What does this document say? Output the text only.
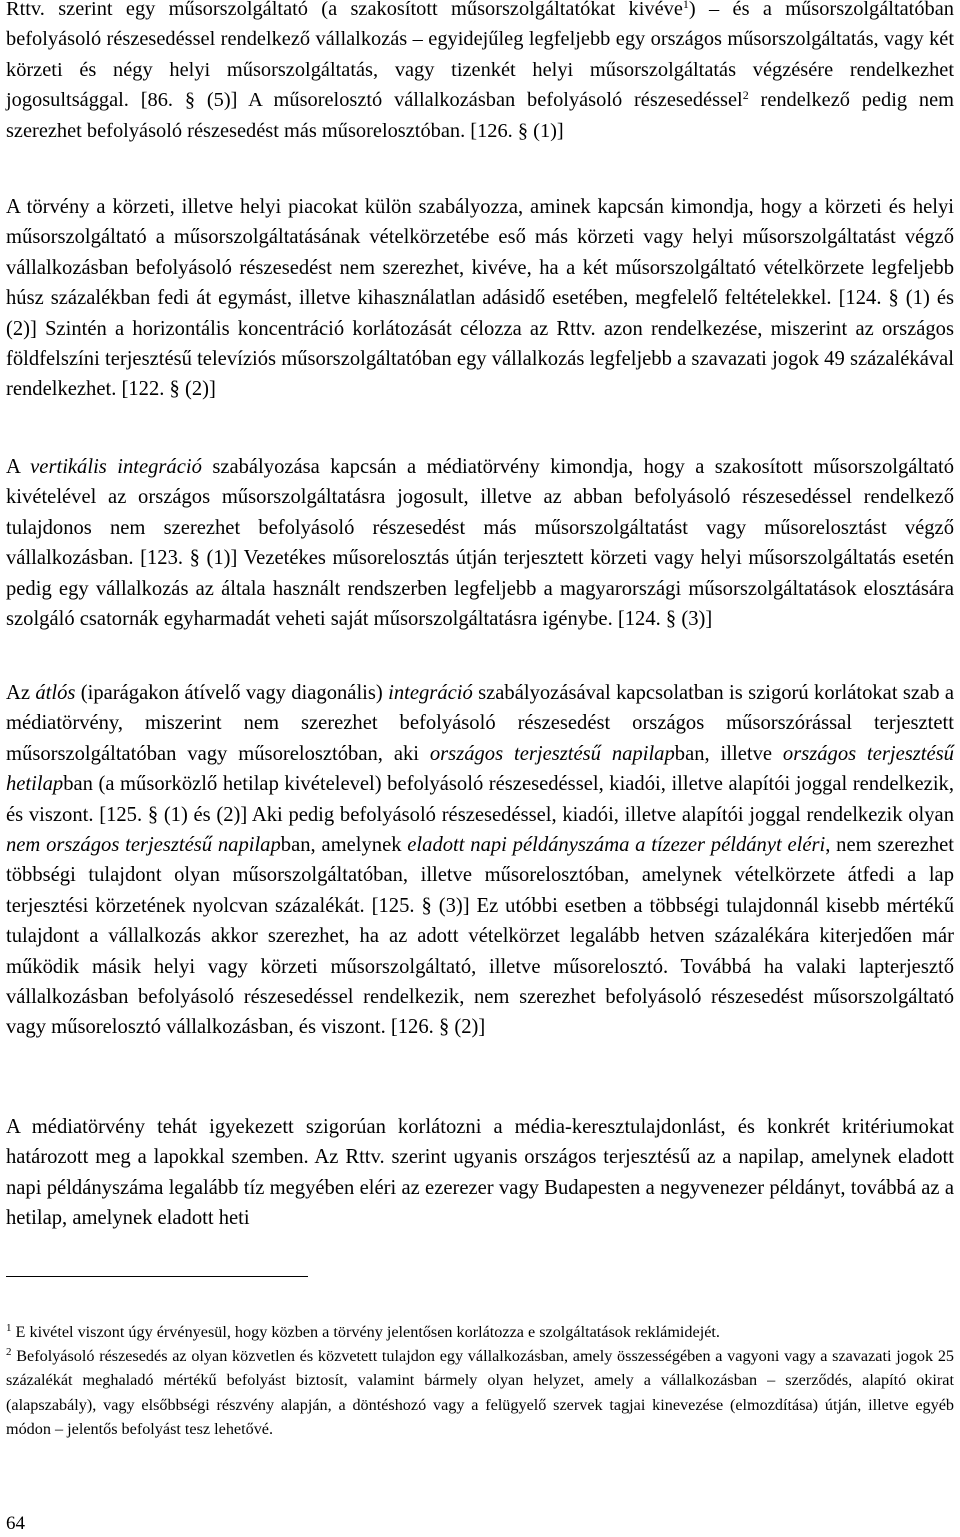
Rttv. szerint egy műsorszolgáltató (a szakosított műsorszolgáltatókat kivéve$^1$) – és a műsorszolgáltatóban befolyásoló részesedéssel rendelkező vállalkozás – egyidejűleg legfeljebb egy országos műsorszolgáltatás, vagy két körzeti és négy helyi műsorszolgáltatás, vagy tizenkét helyi műsorszolgáltatás végzésére rendelkezhet jogosultsággal. [86. § (5)] A műsorelosztó vállalkozásban befolyásoló részesedéssel$^2$ rendelkező pedig nem szerezhet befolyásoló részesedést más műsorelosztóban. [126. § (1)]

A törvény a körzeti, illetve helyi piacokat külön szabályozza, aminek kapcsán kimondja, hogy a körzeti és helyi műsorszolgáltató a műsorszolgáltatásának vételkörzetébe eső más körzeti vagy helyi műsorszolgáltatást végző vállalkozásban befolyásoló részesedést nem szerezhet, kivéve, ha a két műsorszolgáltató vételkörzete legfeljebb húsz százalékban fedi át egymást, illetve kihasználatlan adásidő esetében, megfelelő feltételekkel. [124. § (1) és (2)] Szintén a horizontális koncentráció korlátozását célozza az Rttv. azon rendelkezése, miszerint az országos földfelszíni terjesztésű televíziós műsorszolgáltatóban egy vállalkozás legfeljebb a szavazati jogok 49 százalékával rendelkezhet. [122. § (2)]

A vertikális integráció szabályozása kapcsán a médiatörvény kimondja, hogy a szakosított műsorszolgáltató kivételével az országos műsorszolgáltatásra jogosult, illetve az abban befolyásoló részesedéssel rendelkező tulajdonos nem szerezhet befolyásoló részesedést más műsorszolgáltatást vagy műsorelosztást végző vállalkozásban. [123. § (1)] Vezetékes műsorelosztás útján terjesztett körzeti vagy helyi műsorszolgáltatás esetén pedig egy vállalkozás az általa használt rendszerben legfeljebb a magyarországi műsorszolgáltatások elosztására szolgáló csatornák egyharmadát veheti saját műsorszolgáltatásra igénybe. [124. § (3)]

Az átlós (iparágakon átívelő vagy diagonális) integráció szabályozásával kapcsolatban is szigorú korlátokat szab a médiatörvény, miszerint nem szerezhet befolyásoló részesedést országos műsorszórással terjesztett műsorszolgáltatóban vagy műsorelosztóban, aki országos terjesztésű napilapban, illetve országos terjesztésű hetilapban (a műsorközlő hetilap kivételevel) befolyásoló részesedéssel, kiadói, illetve alapítói joggal rendelkezik, és viszont. [125. § (1) és (2)] Aki pedig befolyásoló részesedéssel, kiadói, illetve alapítói joggal rendelkezik olyan nem országos terjesztésű napilapban, amelynek eladott napi példányszáma a tízezer példányt eléri, nem szerezhet többségi tulajdont olyan műsorszolgáltatóban, illetve műsorelosztóban, amelynek vételkörzete átfedi a lap terjesztési körzetének nyolcvan százalékát. [125. § (3)] Ez utóbbi esetben a többségi tulajdonnál kisebb mértékű tulajdont a vállalkozás akkor szerezhet, ha az adott vételkörzet legalább hetven százalékára kiterjedően már működik másik helyi vagy körzeti műsorszolgáltató, illetve műsorelosztó. Továbbá ha valaki lapterjesztő vállalkozásban befolyásoló részesedéssel rendelkezik, nem szerezhet befolyásoló részesedést műsorszolgáltató vagy műsorelosztó vállalkozásban, és viszont. [126. § (2)]

A médiatörvény tehát igyekezett szigorúan korlátozni a média-keresztulajdonlást, és konkrét kritériumokat határozott meg a lapokkal szemben. Az Rttv. szerint ugyanis országos terjesztésű az a napilap, amelynek eladott napi példányszáma legalább tíz megyében eléri az ezerezer vagy Budapesten a negyvenezer példányt, továbbá az a hetilap, amelynek eladott heti

$^1$ E kivétel viszont úgy érvényesül, hogy közben a törvény jelentősen korlátozza e szolgáltatások reklámidejét.

$^2$ Befolyásoló részesedés az olyan közvetlen és közvetett tulajdon egy vállalkozásban, amely összességében a vagyoni vagy a szavazati jogok 25 százalékát meghaladó mértékű befolyást biztosít, valamint bármely olyan helyzet, amely a vállalkozásban – szerződés, alapító okirat (alapszabály), vagy elsőbbségi részvény alapján, a döntéshozó vagy a felügyelő szervek tagjai kinevezése (elmozdítása) útján, illetve egyéb módon – jelentős befolyást tesz lehetővé.

64
